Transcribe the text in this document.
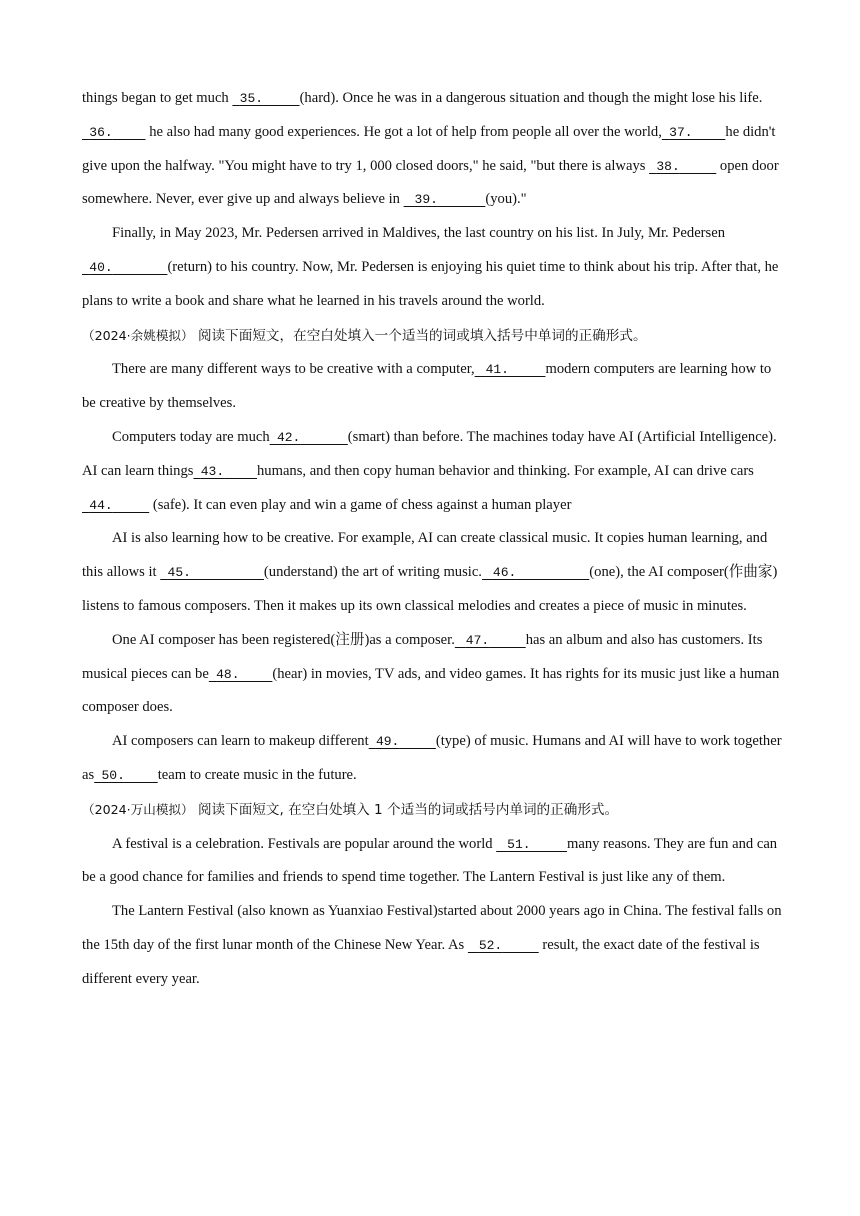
things began to get much   35. (hard). Once he was in a dangerous situation and though the might lose his life.  36.          he also had many good experiences. He got a lot of help from people all over the world, 37. he didn't give upon the halfway. "You might have to try 1, 000 closed doors," he said, "but there is always   38.           open door somewhere. Never, ever give up and always believe in    39.	(you)."

Finally, in May 2023, Mr. Pedersen arrived in Maldives, the last country on his list. In July, Mr. Pedersen   40.	(return) to his country. Now, Mr. Pedersen is enjoying his quiet time to think about his trip. After that, he plans to write a book and share what he learned in his travels around the world.

（2024·余姚模拟） 阅读下面短文，在空白处填入一个适当的词或填入括号中单词的正确形式。

There are many different ways to be creative with a computer, 41. modern computers are learning how to be creative by themselves.

Computers today are much 42.	(smart) than before. The machines today have AI (Artificial Intelligence). AI can learn things 43. humans, and then copy human behavior and thinking. For example, AI can drive cars   44.           (safe). It can even play and win a game of chess against a human player

AI is also learning how to be creative. For example, AI can create classical music. It copies human learning, and this allows it   45.	(understand) the art of writing music. 46.	(one), the AI composer(作曲家) listens to famous composers. Then it makes up its own classical melodies and creates a piece of music in minutes.

One AI composer has been registered(注册)as a composer. 47. has an album and also has customers. Its musical pieces can be 48. (hear) in movies, TV ads, and video games. It has rights for its music just like a human composer does.

AI composers can learn to makeup different 49. (type) of music. Humans and AI will have to work together as 50. team to create music in the future.

（2024·万山模拟） 阅读下面短文, 在空白处填入 1 个适当的词或括号内单词的正确形式。

A festival is a celebration. Festivals are popular around the world    51. many reasons. They are fun and can be a good chance for families and friends to spend time together. The Lantern Festival is just like any of them.

The Lantern Festival (also known as Yuanxiao Festival)started about 2000 years ago in China. The festival falls on the 15th day of the first lunar month of the Chinese New Year. As    52.           result, the exact date of the festival is different every year.
